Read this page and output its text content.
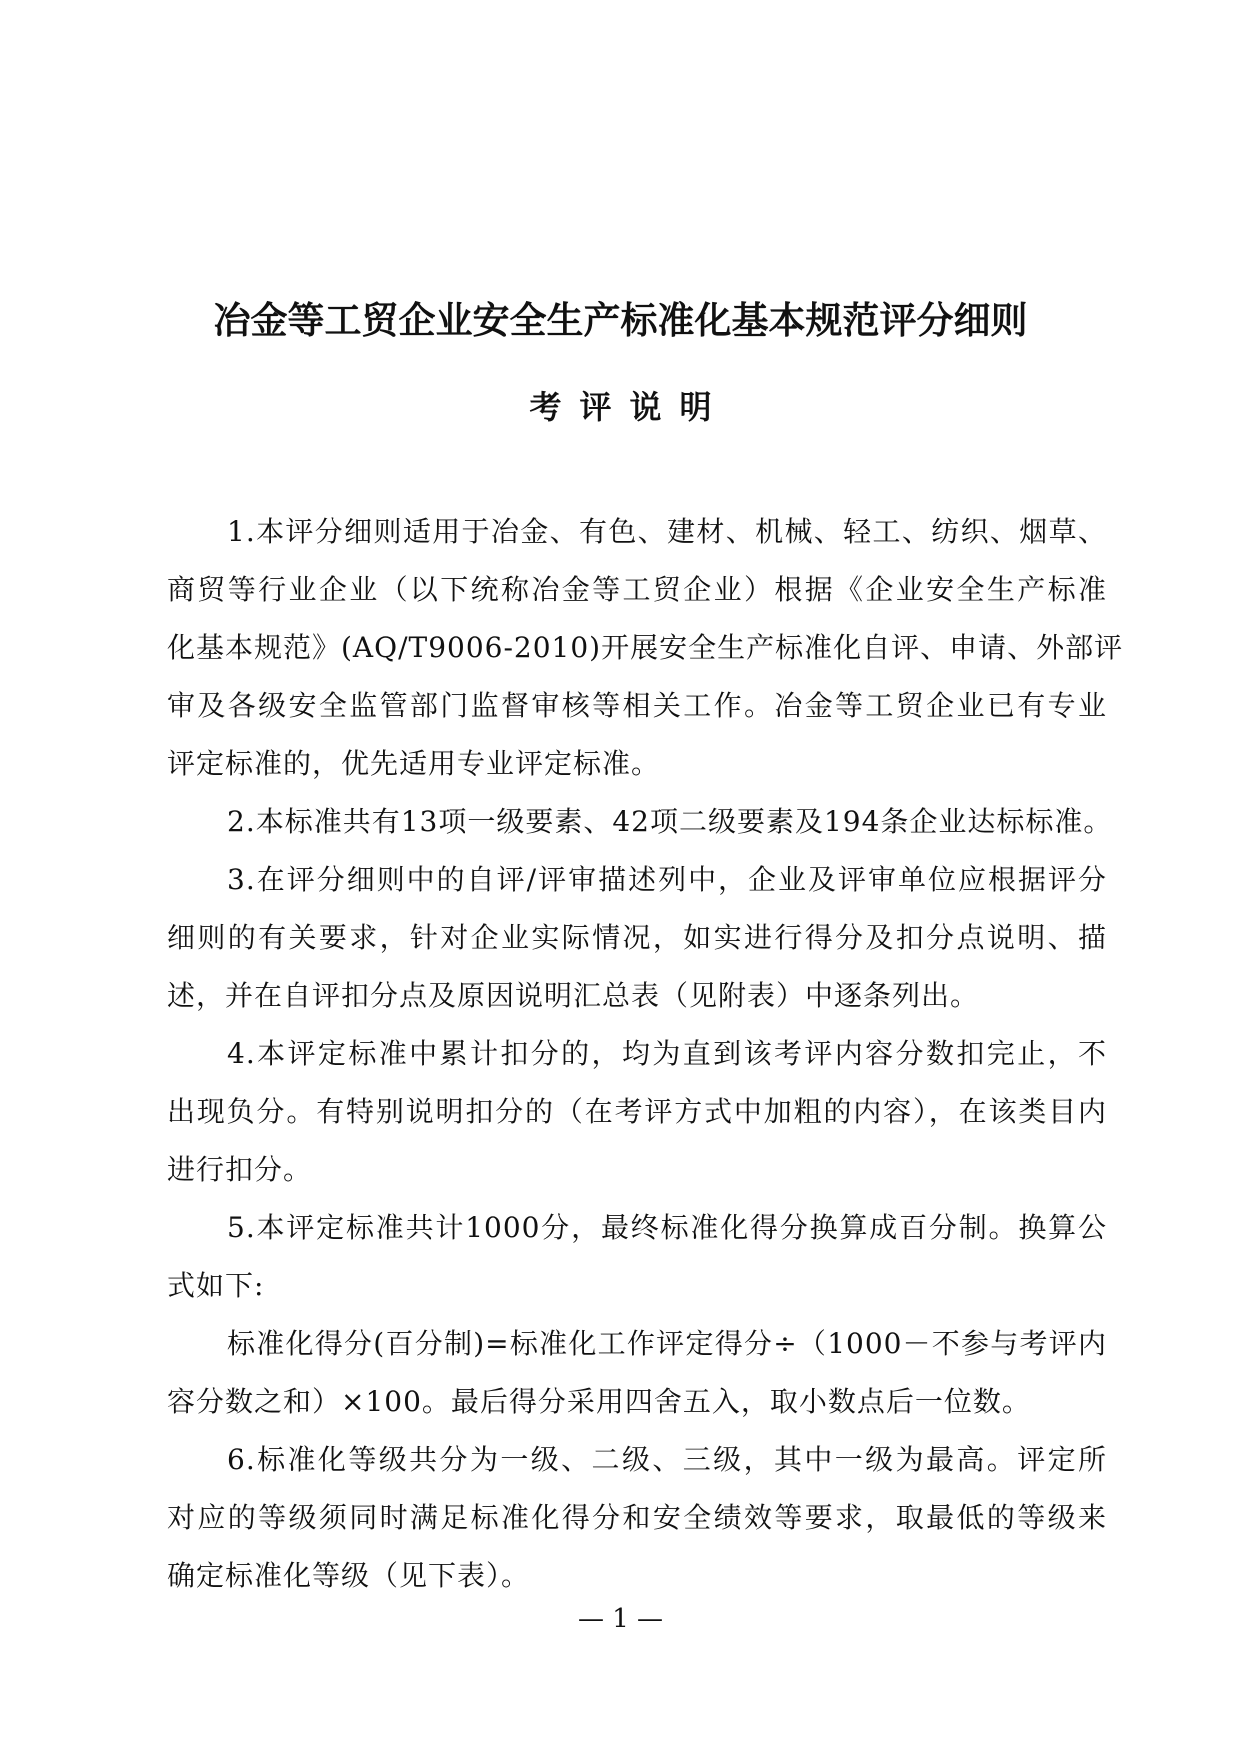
冶金等工贸企业安全生产标准化基本规范评分细则
考评说明
1.本评分细则适用于冶金、有色、建材、机械、轻工、纺织、烟草、
商贸等行业企业（以下统称冶金等工贸企业）根据《企业安全生产标准
化基本规范》(AQ/T9006-2010)开展安全生产标准化自评、申请、外部评
审及各级安全监管部门监督审核等相关工作。冶金等工贸企业已有专业
评定标准的，优先适用专业评定标准。
2.本标准共有13项一级要素、42项二级要素及194条企业达标标准。
3.在评分细则中的自评/评审描述列中，企业及评审单位应根据评分
细则的有关要求，针对企业实际情况，如实进行得分及扣分点说明、描
述，并在自评扣分点及原因说明汇总表（见附表）中逐条列出。
4.本评定标准中累计扣分的，均为直到该考评内容分数扣完止，不
出现负分。有特别说明扣分的（在考评方式中加粗的内容），在该类目内
进行扣分。
5.本评定标准共计1000分，最终标准化得分换算成百分制。换算公
式如下:
标准化得分(百分制)=标准化工作评定得分÷（1000－不参与考评内
容分数之和）×100。最后得分采用四舍五入，取小数点后一位数。
6.标准化等级共分为一级、二级、三级，其中一级为最高。评定所
对应的等级须同时满足标准化得分和安全绩效等要求，取最低的等级来
确定标准化等级（见下表）。
— 1 —
